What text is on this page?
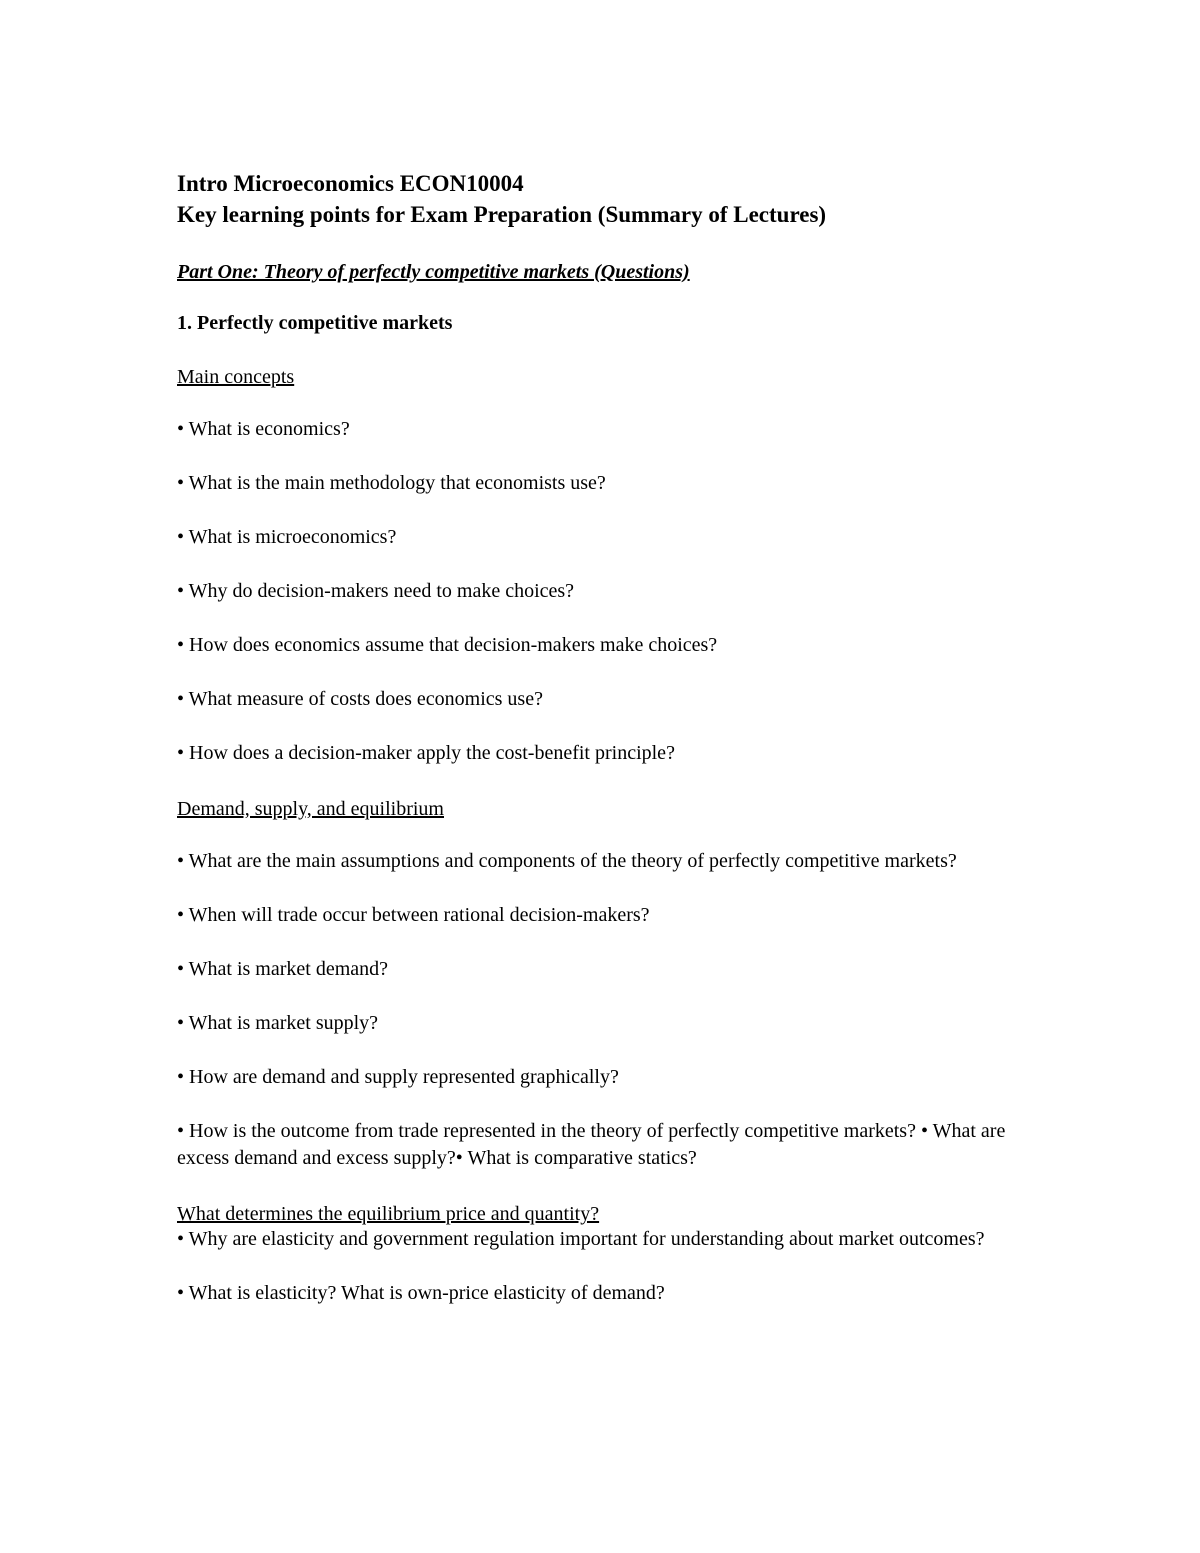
Intro Microeconomics ECON10004
Key learning points for Exam Preparation (Summary of Lectures)
Part One: Theory of perfectly competitive markets (Questions)
1. Perfectly competitive markets
Main concepts
• What is economics?
• What is the main methodology that economists use?
• What is microeconomics?
• Why do decision-makers need to make choices?
• How does economics assume that decision-makers make choices?
• What measure of costs does economics use?
• How does a decision-maker apply the cost-benefit principle?
Demand, supply, and equilibrium
• What are the main assumptions and components of the theory of perfectly competitive markets?
• When will trade occur between rational decision-makers?
• What is market demand?
• What is market supply?
• How are demand and supply represented graphically?
• How is the outcome from trade represented in the theory of perfectly competitive markets? • What are excess demand and excess supply?• What is comparative statics?
What determines the equilibrium price and quantity?
• Why are elasticity and government regulation important for understanding about market outcomes?
• What is elasticity? What is own-price elasticity of demand?
